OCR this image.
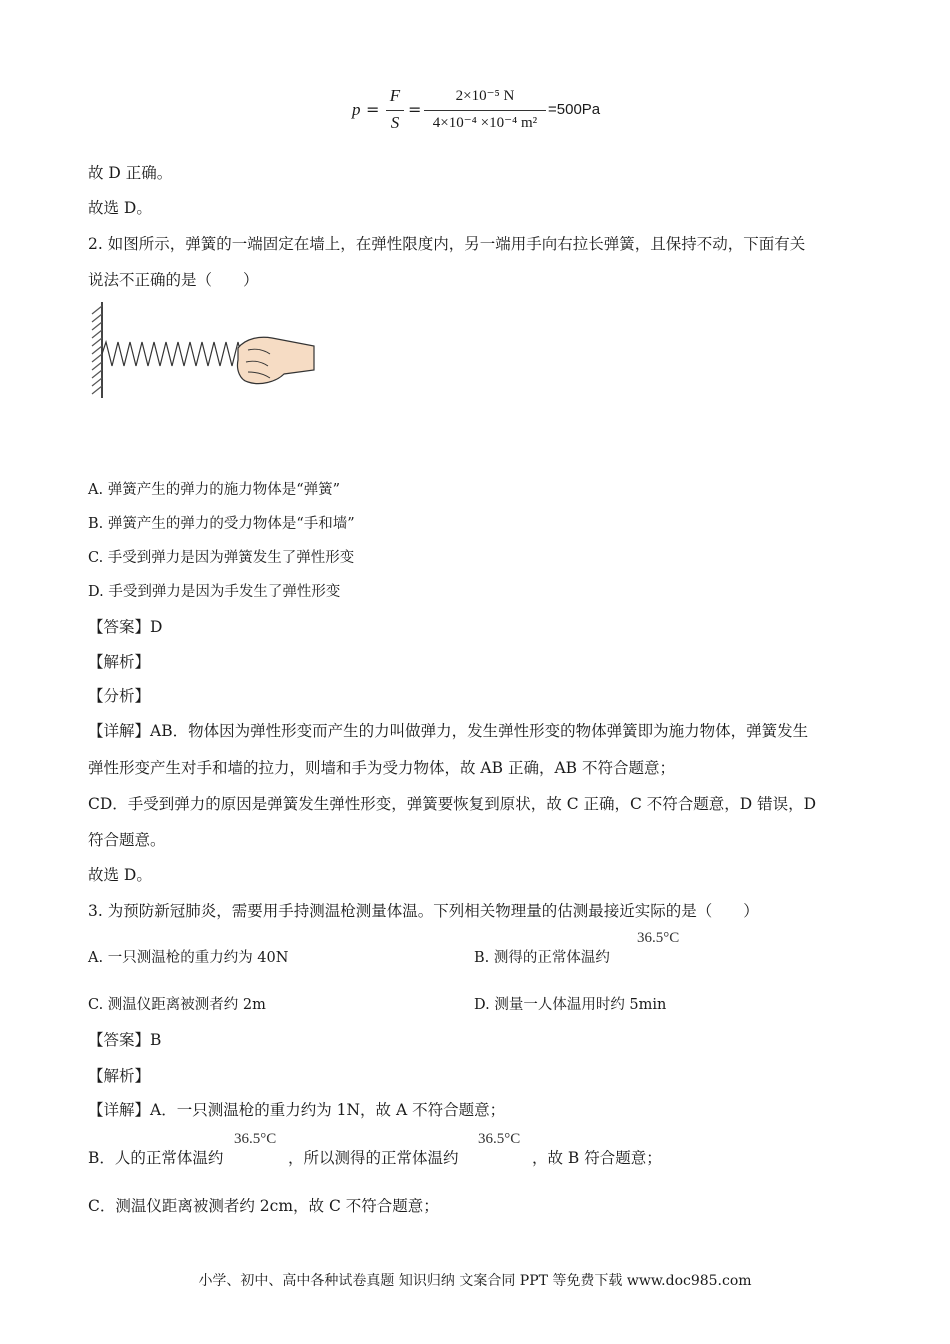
p =
F
S
=
2×10⁻⁵ N
4×10⁻⁴ ×10⁻⁴ m²
=500Pa
故 D 正确。
故选 D。
2. 如图所示，弹簧的一端固定在墙上，在弹性限度内，另一端用手向右拉长弹簧，且保持不动，下面有关
说法不正确的是（　　）
A. 弹簧产生的弹力的施力物体是“弹簧”
B. 弹簧产生的弹力的受力物体是“手和墙”
C. 手受到弹力是因为弹簧发生了弹性形变
D. 手受到弹力是因为手发生了弹性形变
【答案】D
【解析】
【分析】
【详解】AB．物体因为弹性形变而产生的力叫做弹力，发生弹性形变的物体弹簧即为施力物体，弹簧发生
弹性形变产生对手和墙的拉力，则墙和手为受力物体，故 AB 正确，AB 不符合题意；
CD．手受到弹力的原因是弹簧发生弹性形变，弹簧要恢复到原状，故 C 正确，C 不符合题意，D 错误，D
符合题意。
故选 D。
3. 为预防新冠肺炎，需要用手持测温枪测量体温。下列相关物理量的估测最接近实际的是（　　）
A. 一只测温枪的重力约为 40N	B. 测得的正常体温约
36.5°C
C. 测温仪距离被测者约 2m	D. 测量一人体温用时约 5min
【答案】B
【解析】
【详解】A．一只测温枪的重力约为 1N，故 A 不符合题意；
B．人的正常体温约
36.5°C
，所以测得的正常体温约
36.5°C
，故 B 符合题意；
C．测温仪距离被测者约 2cm，故 C 不符合题意；
小学、初中、高中各种试卷真题 知识归纳 文案合同 PPT 等免费下载 www.doc985.com
